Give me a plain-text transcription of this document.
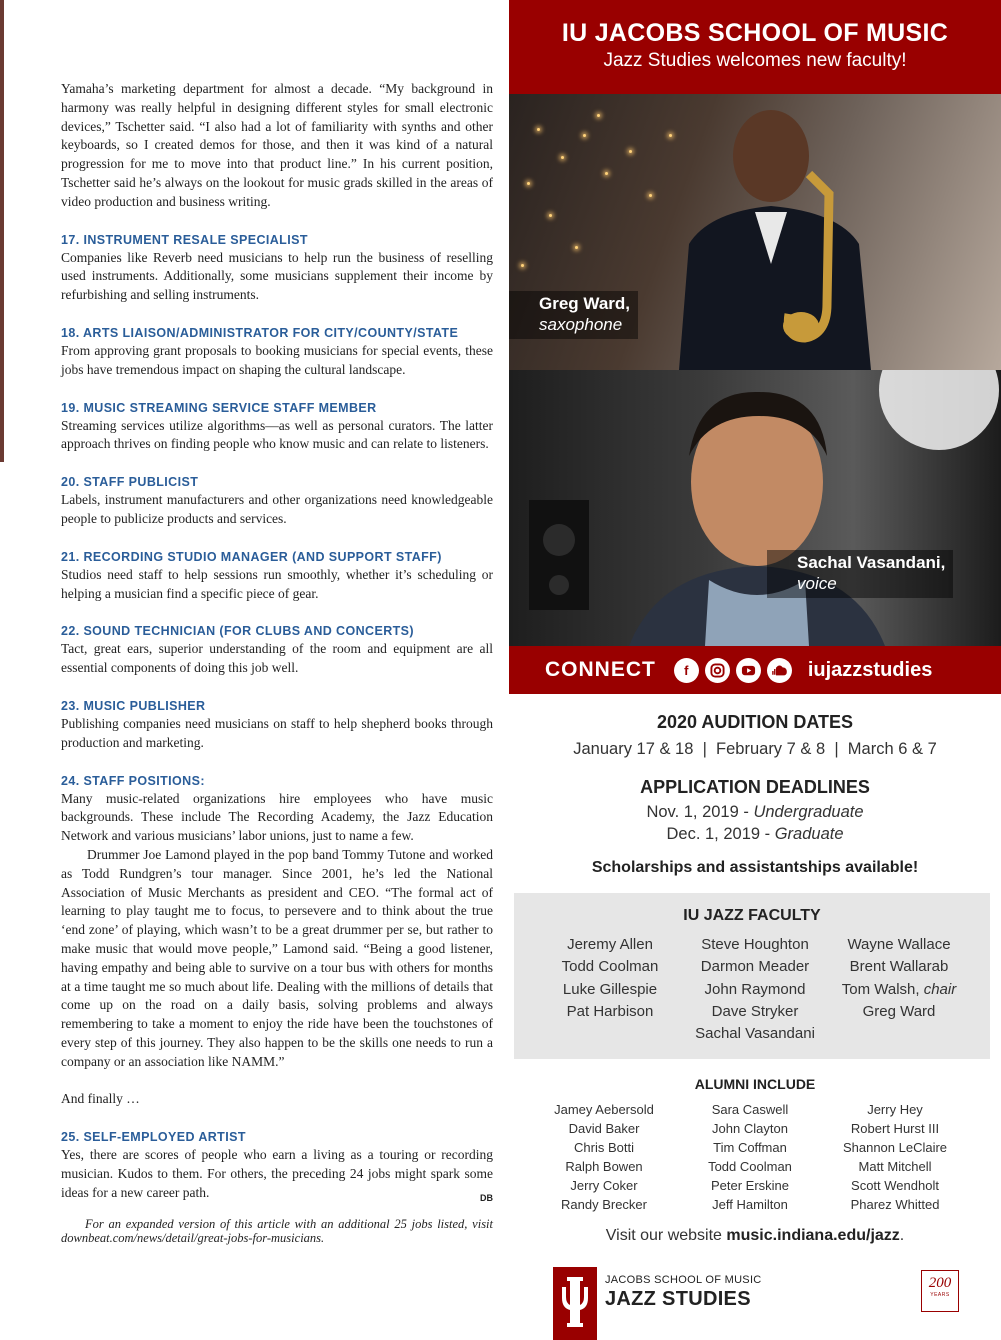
Yamaha’s marketing department for almost a decade. “My background in harmony was really helpful in designing different styles for small electronic devices,” Tschetter said. “I also had a lot of familiarity with synths and other keyboards, so I created demos for those, and then it was kind of a natural progression for me to move into that product line.” In his current position, Tschetter said he’s always on the lookout for music grads skilled in the areas of video production and business writing.

17. INSTRUMENT RESALE SPECIALIST

Companies like Reverb need musicians to help run the business of reselling used instruments. Additionally, some musicians supplement their income by refurbishing and selling instruments.

18. ARTS LIAISON/ADMINISTRATOR FOR CITY/COUNTY/STATE

From approving grant proposals to booking musicians for special events, these jobs have tremendous impact on shaping the cultural landscape.

19. MUSIC STREAMING SERVICE STAFF MEMBER

Streaming services utilize algorithms—as well as personal curators. The latter approach thrives on finding people who know music and can relate to listeners.

20. STAFF PUBLICIST

Labels, instrument manufacturers and other organizations need knowledgeable people to publicize products and services.

21. RECORDING STUDIO MANAGER (AND SUPPORT STAFF)

Studios need staff to help sessions run smoothly, whether it’s scheduling or helping a musician find a specific piece of gear.

22. SOUND TECHNICIAN (FOR CLUBS AND CONCERTS)

Tact, great ears, superior understanding of the room and equipment are all essential components of doing this job well.

23. MUSIC PUBLISHER

Publishing companies need musicians on staff to help shepherd books through production and marketing.

24. STAFF POSITIONS:

Many music-related organizations hire employees who have music backgrounds. These include The Recording Academy, the Jazz Education Network and various musicians’ labor unions, just to name a few.

Drummer Joe Lamond played in the pop band Tommy Tutone and worked as Todd Rundgren’s tour manager. Since 2001, he’s led the National Association of Music Merchants as president and CEO. “The formal act of learning to play taught me to focus, to persevere and to think about the true ‘end zone’ of playing, which wasn’t to be a great drummer per se, but rather to make music that would move people,” Lamond said. “Being a good listener, having empathy and being able to survive on a tour bus with others for months at a time taught me so much about life. Dealing with the millions of details that come up on the road on a daily basis, solving problems and always remembering to take a moment to enjoy the ride have been the touchstones of every step of this journey. They also happen to be the skills one needs to run a company or an association like NAMM.”

And finally …

25. SELF-EMPLOYED ARTIST

Yes, there are scores of people who earn a living as a touring or recording musician. Kudos to them. For others, the preceding 24 jobs might spark some ideas for a new career path.	DB

For an expanded version of this article with an additional 25 jobs listed, visit downbeat.com/news/detail/great-jobs-for-musicians.

IU JACOBS SCHOOL OF MUSIC
Jazz Studies welcomes new faculty!
Greg Ward,
saxophone
Sachal Vasandani,
voice
CONNECT	f	iujazzstudies
2020 AUDITION DATES
January 17 & 18  |  February 7 & 8  |  March 6 & 7
APPLICATION DEADLINES
Nov. 1, 2019 - Undergraduate
Dec. 1, 2019 - Graduate
Scholarships and assistantships available!
IU JAZZ FACULTY
Jeremy Allen
Todd Coolman
Luke Gillespie
Pat Harbison
Steve Houghton
Darmon Meader
John Raymond
Dave Stryker
Sachal Vasandani
Wayne Wallace
Brent Wallarab
Tom Walsh, chair
Greg Ward
ALUMNI INCLUDE
Jamey Aebersold
David Baker
Chris Botti
Ralph Bowen
Jerry Coker
Randy Brecker
Sara Caswell
John Clayton
Tim Coffman
Todd Coolman
Peter Erskine
Jeff Hamilton
Jerry Hey
Robert Hurst III
Shannon LeClaire
Matt Mitchell
Scott Wendholt
Pharez Whitted
Visit our website music.indiana.edu/jazz.
JACOBS SCHOOL OF MUSIC
JAZZ STUDIES
200
YEARS
